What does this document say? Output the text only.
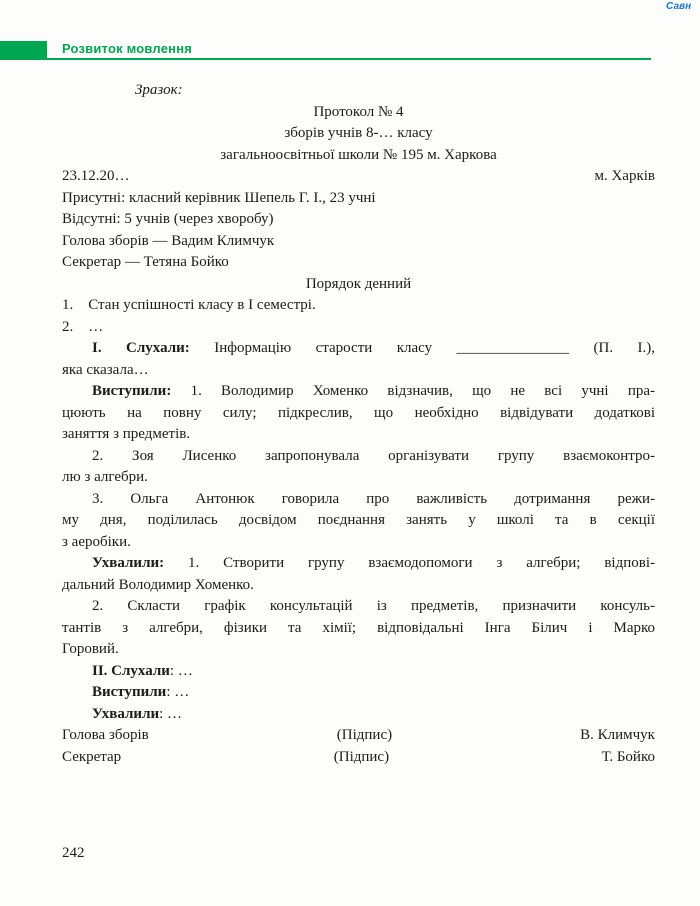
Розвиток мовлення
Савн
Зразок:
Протокол № 4
зборів учнів 8-… класу
загальноосвітньої школи № 195 м. Харкова
23.12.20…	м. Харків
Присутні: класний керівник Шепель Г. І., 23 учні
Відсутні: 5 учнів (через хворобу)
Голова зборів — Вадим Климчук
Секретар — Тетяна Бойко
Порядок денний
1.  Стан успішності класу в І семестрі.
2.  …
І. Слухали: Інформацію старости класу _______________ (П. І.),
яка сказала…
Виступили: 1. Володимир Хоменко відзначив, що не всі учні пра-
цюють на повну силу; підкреслив, що необхідно відвідувати додаткові
заняття з предметів.
2. Зоя Лисенко запропонувала організувати групу взаємоконтро-
лю з алгебри.
3. Ольга Антонюк говорила про важливість дотримання режи-
му дня, поділилась досвідом поєднання занять у школі та в секції
з аеробіки.
Ухвалили: 1. Створити групу взаємодопомоги з алгебри; відпові-
дальний Володимир Хоменко.
2. Скласти графік консультацій із предметів, призначити консуль-
тантів з алгебри, фізики та хімії; відповідальні Інга Білич і Марко
Горовий.
ІІ. Слухали: …
Виступили: …
Ухвалили: …
Голова зборів	(Підпис)	В. Климчук
Секретар	(Підпис)	Т. Бойко
242
